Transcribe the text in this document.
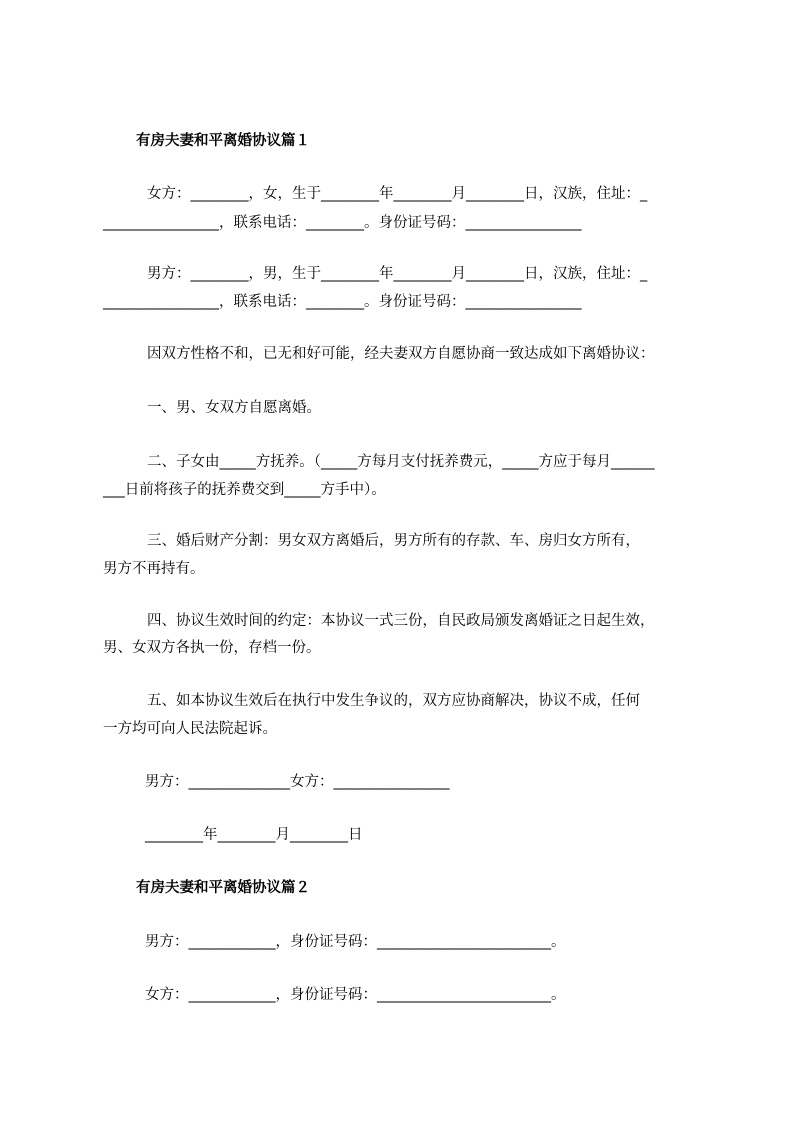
有房夫妻和平离婚协议篇１
女方：________，女，生于________年________月________日，汉族，住址：_
________________，联系电话：________。身份证号码：________________
男方：________，男，生于________年________月________日，汉族，住址：_
________________，联系电话：________。身份证号码：________________
因双方性格不和，已无和好可能，经夫妻双方自愿协商一致达成如下离婚协议：
一、男、女双方自愿离婚。
二、子女由_____方抚养。（_____方每月支付抚养费元，_____方应于每月______
___日前将孩子的抚养费交到_____方手中）。
三、婚后财产分割：男女双方离婚后，男方所有的存款、车、房归女方所有，
男方不再持有。
四、协议生效时间的约定：本协议一式三份，自民政局颁发离婚证之日起生效，
男、女双方各执一份，存档一份。
五、如本协议生效后在执行中发生争议的，双方应协商解决，协议不成，任何
一方均可向人民法院起诉。
男方：______________女方：________________
________年________月________日
有房夫妻和平离婚协议篇２
男方：____________，身份证号码：________________________。
女方：____________，身份证号码：________________________。
